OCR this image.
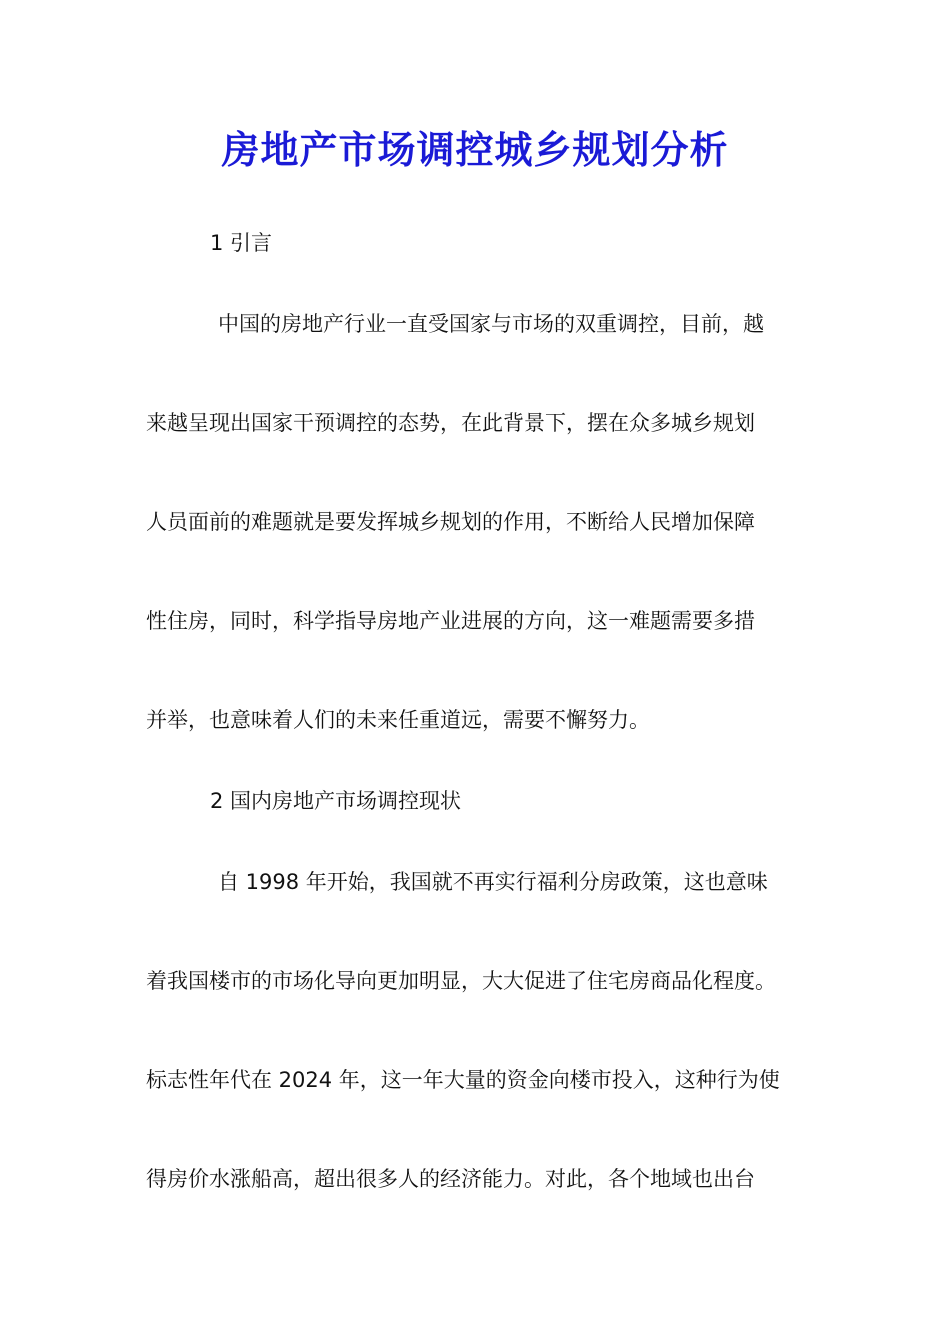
房地产市场调控城乡规划分析
1 引言
中国的房地产行业一直受国家与市场的双重调控，目前，越
来越呈现出国家干预调控的态势，在此背景下，摆在众多城乡规划
人员面前的难题就是要发挥城乡规划的作用，不断给人民增加保障
性住房，同时，科学指导房地产业进展的方向，这一难题需要多措
并举，也意味着人们的未来任重道远，需要不懈努力。
2 国内房地产市场调控现状
自 1998 年开始，我国就不再实行福利分房政策，这也意味
着我国楼市的市场化导向更加明显，大大促进了住宅房商品化程度。
标志性年代在 2024 年，这一年大量的资金向楼市投入，这种行为使
得房价水涨船高，超出很多人的经济能力。对此，各个地域也出台
